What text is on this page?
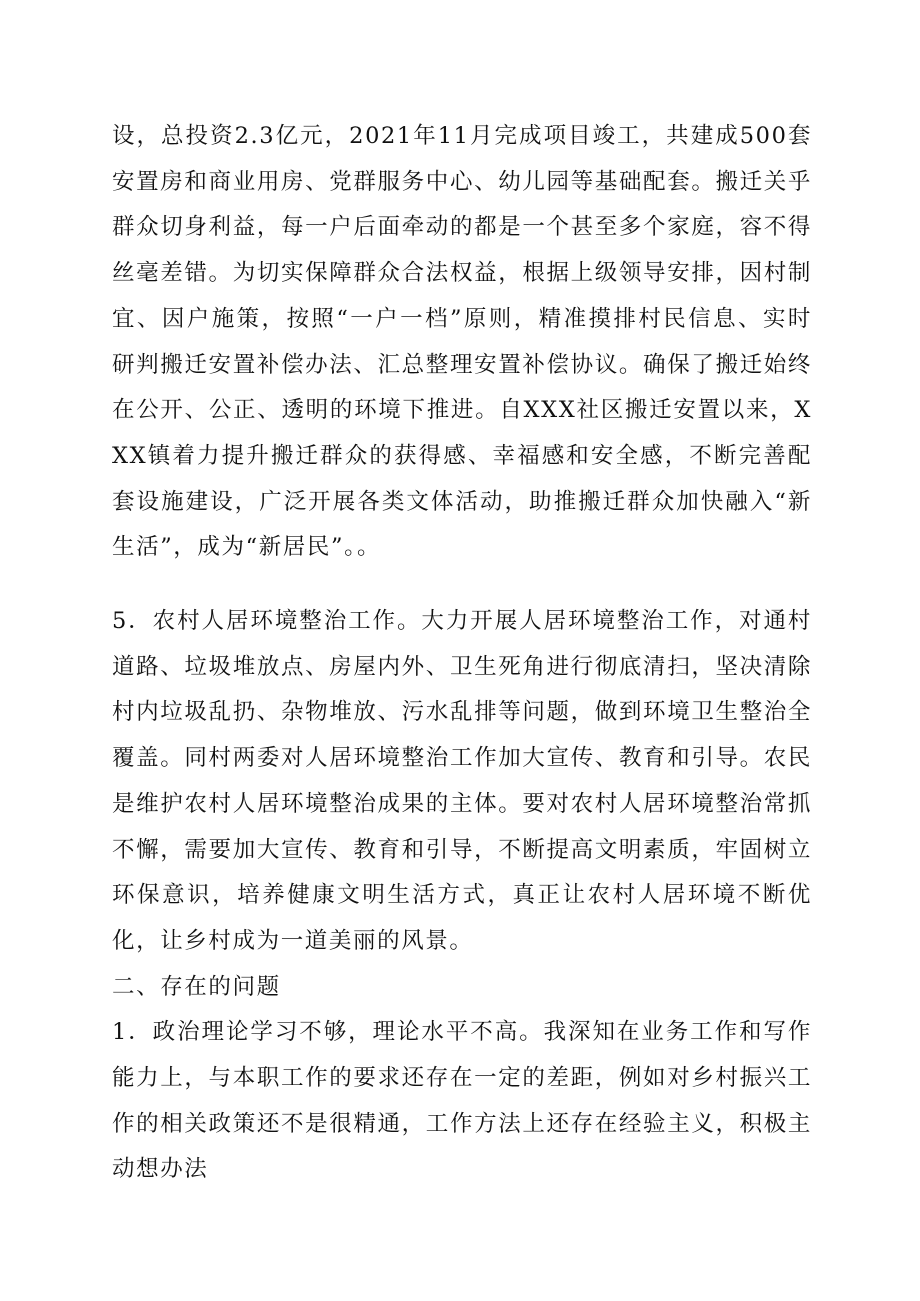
设，总投资2.3亿元，2021年11月完成项目竣工，共建成500套安置房和商业用房、党群服务中心、幼儿园等基础配套。搬迁关乎群众切身利益，每一户后面牵动的都是一个甚至多个家庭，容不得丝毫差错。为切实保障群众合法权益，根据上级领导安排，因村制宜、因户施策，按照“一户一档”原则，精准摸排村民信息、实时研判搬迁安置补偿办法、汇总整理安置补偿协议。确保了搬迁始终在公开、公正、透明的环境下推进。自XXX社区搬迁安置以来，XXX镇着力提升搬迁群众的获得感、幸福感和安全感，不断完善配套设施建设，广泛开展各类文体活动，助推搬迁群众加快融入“新生活”，成为“新居民”。。

5．农村人居环境整治工作。大力开展人居环境整治工作，对通村道路、垃圾堆放点、房屋内外、卫生死角进行彻底清扫，坚决清除村内垃圾乱扔、杂物堆放、污水乱排等问题，做到环境卫生整治全覆盖。同村两委对人居环境整治工作加大宣传、教育和引导。农民是维护农村人居环境整治成果的主体。要对农村人居环境整治常抓不懈，需要加大宣传、教育和引导，不断提高文明素质，牢固树立环保意识，培养健康文明生活方式，真正让农村人居环境不断优化，让乡村成为一道美丽的风景。

二、存在的问题

1．政治理论学习不够，理论水平不高。我深知在业务工作和写作能力上，与本职工作的要求还存在一定的差距，例如对乡村振兴工作的相关政策还不是很精通，工作方法上还存在经验主义，积极主动想办法
